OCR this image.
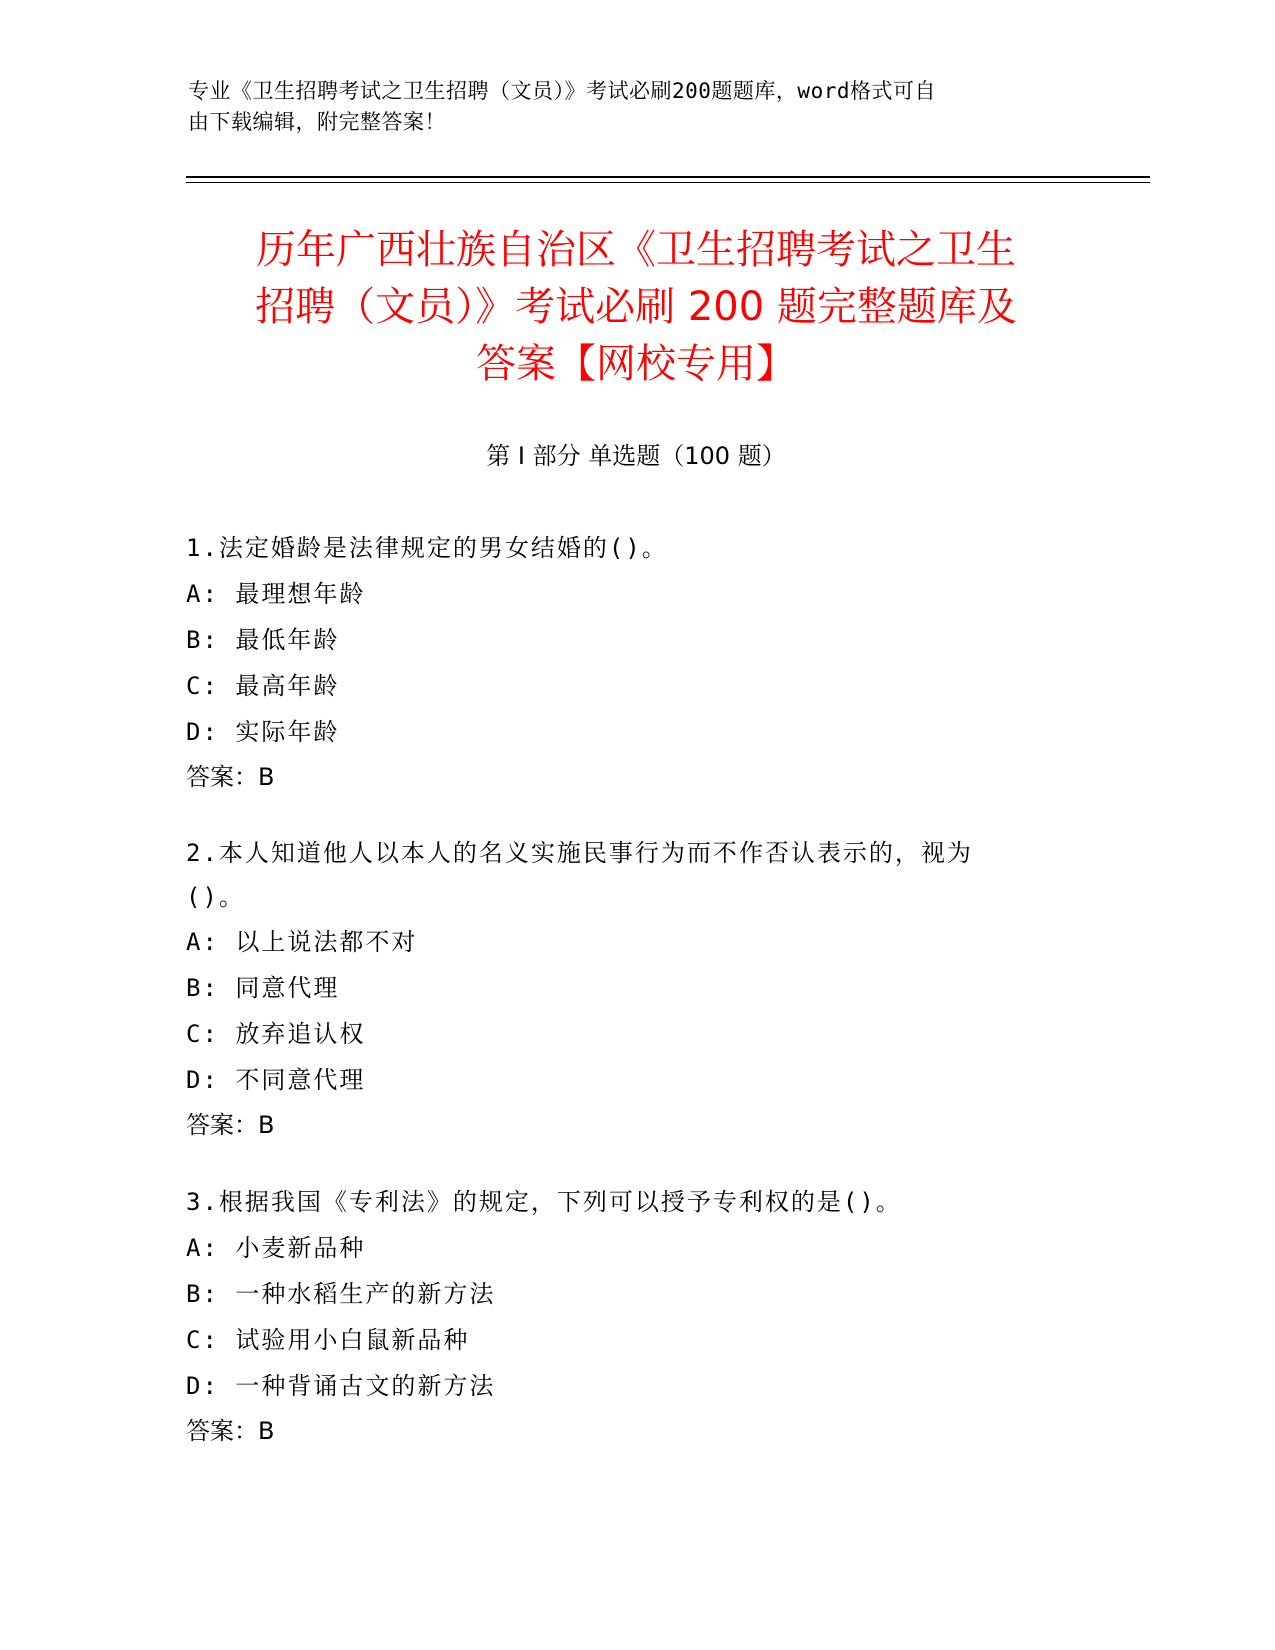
专业《卫生招聘考试之卫生招聘（文员）》考试必刷200题题库，word格式可自
由下载编辑，附完整答案！
历年广西壮族自治区《卫生招聘考试之卫生
招聘（文员）》考试必刷 200 题完整题库及
答案【网校专用】
第 I 部分 单选题（100 题）
1.法定婚龄是法律规定的男女结婚的()。
A: 最理想年龄
B: 最低年龄
C: 最高年龄
D: 实际年龄
答案：B
2.本人知道他人以本人的名义实施民事行为而不作否认表示的，视为
()。
A: 以上说法都不对
B: 同意代理
C: 放弃追认权
D: 不同意代理
答案：B
3.根据我国《专利法》的规定，下列可以授予专利权的是()。
A: 小麦新品种
B: 一种水稻生产的新方法
C: 试验用小白鼠新品种
D: 一种背诵古文的新方法
答案：B
